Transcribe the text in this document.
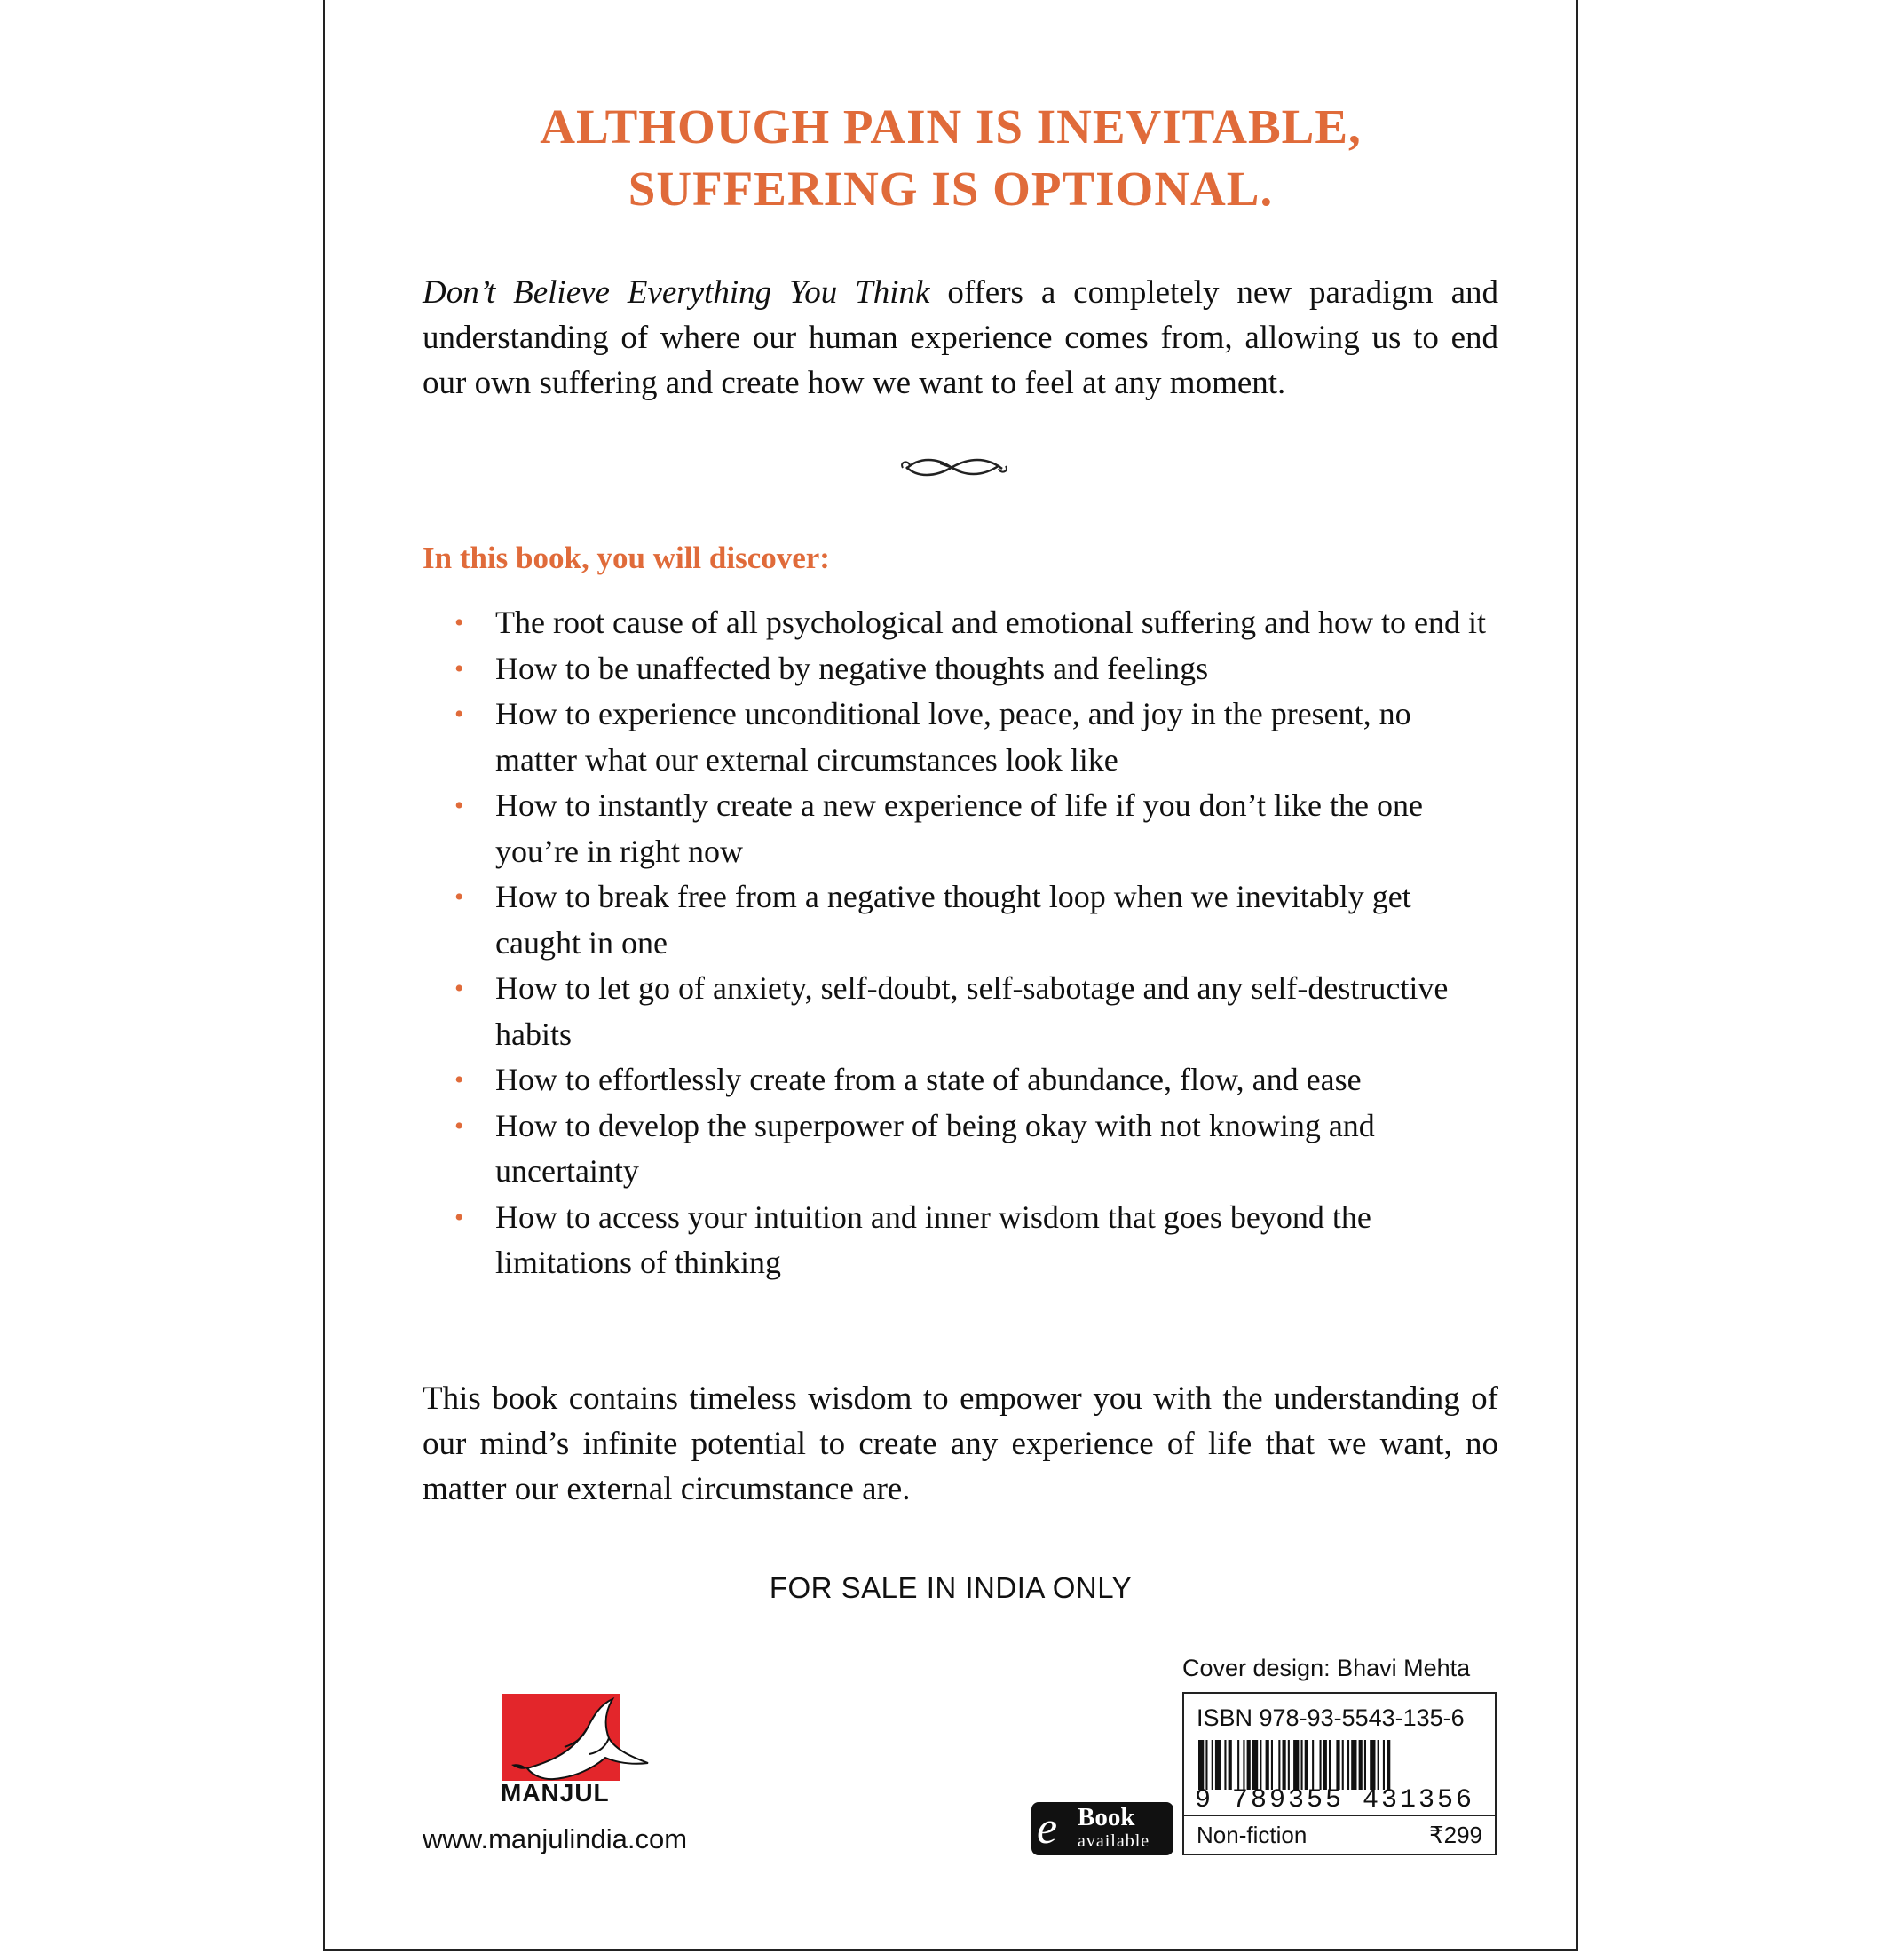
ALTHOUGH PAIN IS INEVITABLE,
SUFFERING IS OPTIONAL.
Don’t Believe Everything You Think offers a completely new paradigm and understanding of where our human experience comes from, allowing us to end our own suffering and create how we want to feel at any moment.
In this book, you will discover:
• The root cause of all psychological and emotional suffering and how to end it
• How to be unaffected by negative thoughts and feelings
• How to experience unconditional love, peace, and joy in the present, no matter what our external circumstances look like
• How to instantly create a new experience of life if you don’t like the one you’re in right now
• How to break free from a negative thought loop when we inevitably get caught in one
• How to let go of anxiety, self-doubt, self-sabotage and any self-destructive habits
• How to effortlessly create from a state of abundance, flow, and ease
• How to develop the superpower of being okay with not knowing and uncertainty
• How to access your intuition and inner wisdom that goes beyond the limitations of thinking
This book contains timeless wisdom to empower you with the understanding of our mind’s infinite potential to create any experience of life that we want, no matter our external circumstance are.
FOR SALE IN INDIA ONLY
MANJUL
www.manjulindia.com	e Book
available
Cover design: Bhavi Mehta
ISBN 978-93-5543-135-6
9 789355 431356
Non-fiction	₹299
